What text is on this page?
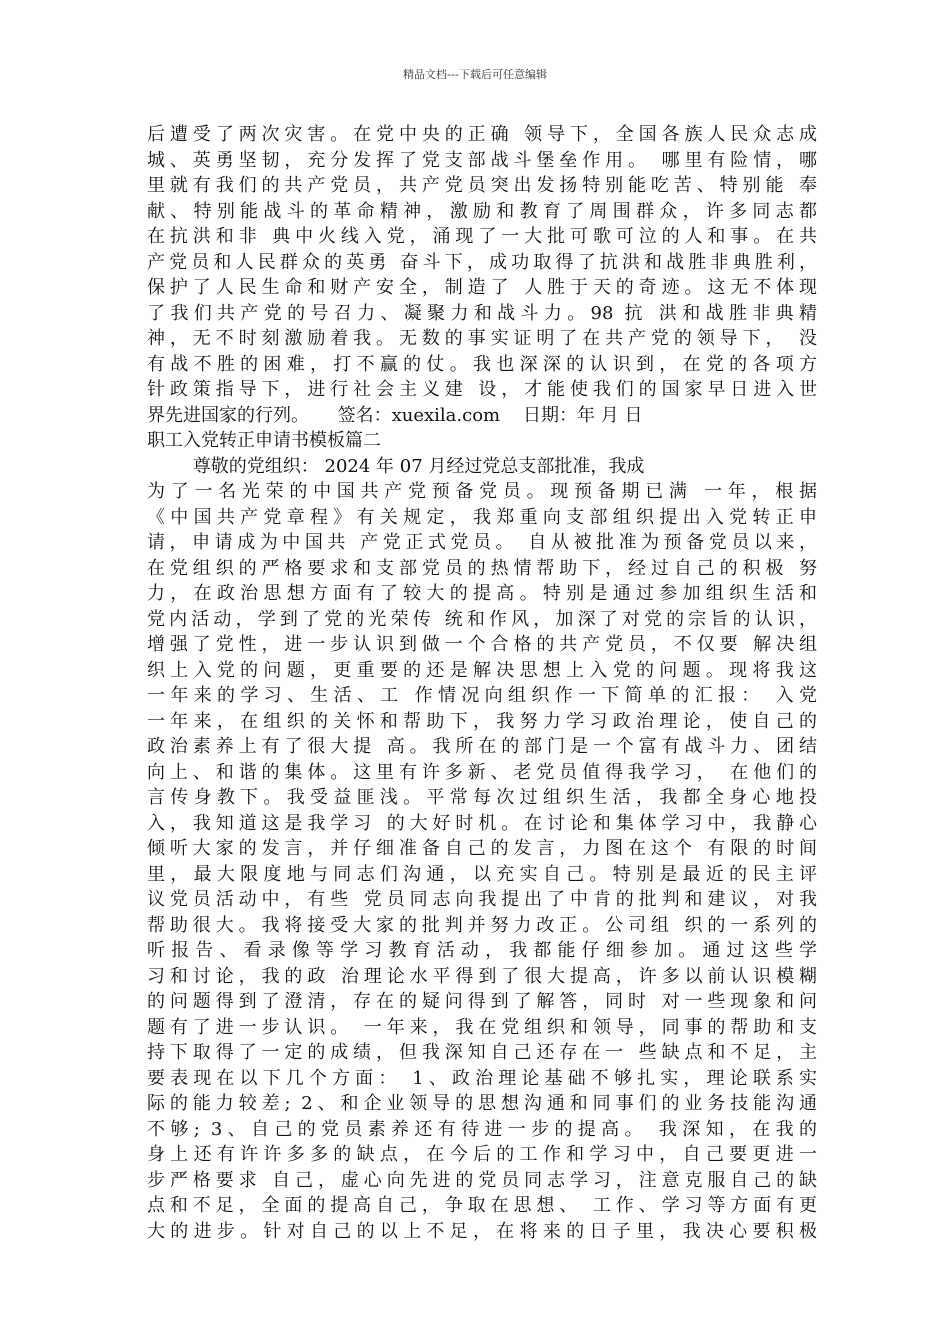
精品文档---下载后可任意编辑
后遭受了两次灾害。在党中央的正确 领导下，全国各族人民众志成
城、英勇坚韧，充分发挥了党支部战斗堡垒作用。 哪里有险情，哪
里就有我们的共产党员，共产党员突出发扬特别能吃苦、特别能 奉
献、特别能战斗的革命精神，激励和教育了周围群众，许多同志都
在抗洪和非 典中火线入党，涌现了一大批可歌可泣的人和事。在共
产党员和人民群众的英勇 奋斗下，成功取得了抗洪和战胜非典胜利，
保护了人民生命和财产安全，制造了 人胜于天的奇迹。这无不体现
了我们共产党的号召力、凝聚力和战斗力。98 抗 洪和战胜非典精
神，无不时刻激励着我。无数的事实证明了在共产党的领导下， 没
有战不胜的困难，打不赢的仗。我也深深的认识到，在党的各项方
针政策指导下，进行社会主义建 设，才能使我们的国家早日进入世
界先进国家的行列。     签名：xuexila.com    日期：年 月 日
职工入党转正申请书模板篇二
尊敬的党组织： 2024 年 07 月经过党总支部批准，我成
为了一名光荣的中国共产党预备党员。现预备期已满 一年，根据
《中国共产党章程》有关规定，我郑重向支部组织提出入党转正申
请，申请成为中国共 产党正式党员。 自从被批准为预备党员以来，
在党组织的严格要求和支部党员的热情帮助下，经过自己的积极 努
力，在政治思想方面有了较大的提高。特别是通过参加组织生活和
党内活动，学到了党的光荣传 统和作风，加深了对党的宗旨的认识，
增强了党性，进一步认识到做一个合格的共产党员，不仅要 解决组
织上入党的问题，更重要的还是解决思想上入党的问题。现将我这
一年来的学习、生活、工 作情况向组织作一下简单的汇报： 入党
一年来，在组织的关怀和帮助下，我努力学习政治理论，使自己的
政治素养上有了很大提 高。我所在的部门是一个富有战斗力、团结
向上、和谐的集体。这里有许多新、老党员值得我学习， 在他们的
言传身教下。我受益匪浅。平常每次过组织生活，我都全身心地投
入，我知道这是我学习 的大好时机。在讨论和集体学习中，我静心
倾听大家的发言，并仔细准备自己的发言，力图在这个 有限的时间
里，最大限度地与同志们沟通，以充实自己。特别是最近的民主评
议党员活动中，有些 党员同志向我提出了中肯的批判和建议，对我
帮助很大。我将接受大家的批判并努力改正。公司组 织的一系列的
听报告、看录像等学习教育活动，我都能仔细参加。通过这些学
习和讨论，我的政 治理论水平得到了很大提高，许多以前认识模糊
的问题得到了澄清，存在的疑问得到了解答，同时 对一些现象和问
题有了进一步认识。 一年来，我在党组织和领导，同事的帮助和支
持下取得了一定的成绩，但我深知自己还存在一 些缺点和不足，主
要表现在以下几个方面： 1、政治理论基础不够扎实，理论联系实
际的能力较差; 2、和企业领导的思想沟通和同事们的业务技能沟通
不够; 3、自己的党员素养还有待进一步的提高。 我深知，在我的
身上还有许许多多的缺点，在今后的工作和学习中，自己要更进一
步严格要求 自己，虚心向先进的党员同志学习，注意克服自己的缺
点和不足，全面的提高自己，争取在思想、 工作、学习等方面有更
大的进步。针对自己的以上不足，在将来的日子里，我决心要积极
